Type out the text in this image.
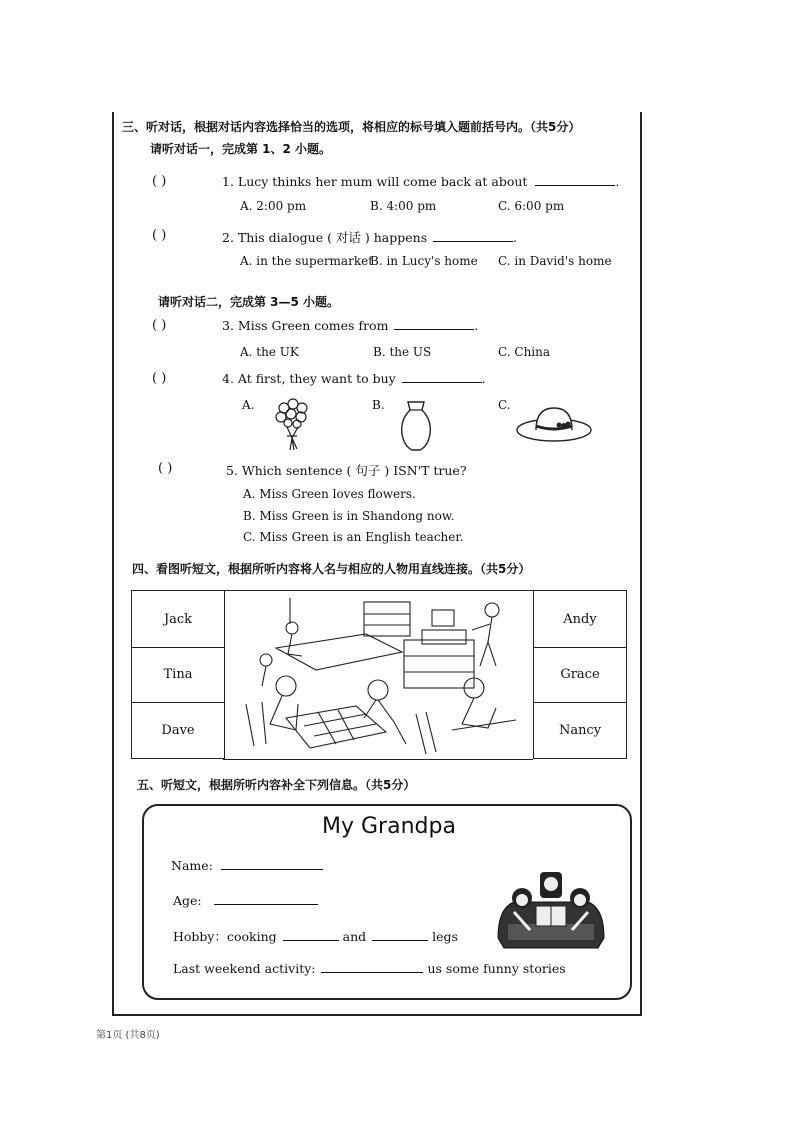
三、听对话，根据对话内容选择恰当的选项，将相应的标号填入题前括号内。（共5分）
请听对话一，完成第 1、2 小题。
( )	1. Lucy thinks her mum will come back at about	.
A. 2:00 pm	B. 4:00 pm	C. 6:00 pm
( )	2. This dialogue ( 对话 ) happens	.
A. in the supermarket
B. in Lucy's home C. in David's home
请听对话二，完成第 3—5 小题。
( )	3. Miss Green comes from	.
A. the UK	B. the US	C. China
( )	4. At first, they want to buy	.
A.	B.	C.
( )	5. Which sentence ( 句子 ) ISN'T true?
A. Miss Green loves flowers.
B. Miss Green is in Shandong now.
C. Miss Green is an English teacher.
四、看图听短文，根据所听内容将人名与相应的人物用直线连接。（共5分）
Jack
Tina
Dave
Andy
Grace
Nancy
五、听短文，根据所听内容补全下列信息。（共5分）
My Grandpa
Name:
Age:
Hobby：cooking	and	legs
Last weekend activity:	us some funny stories
第1页 (共8页)
